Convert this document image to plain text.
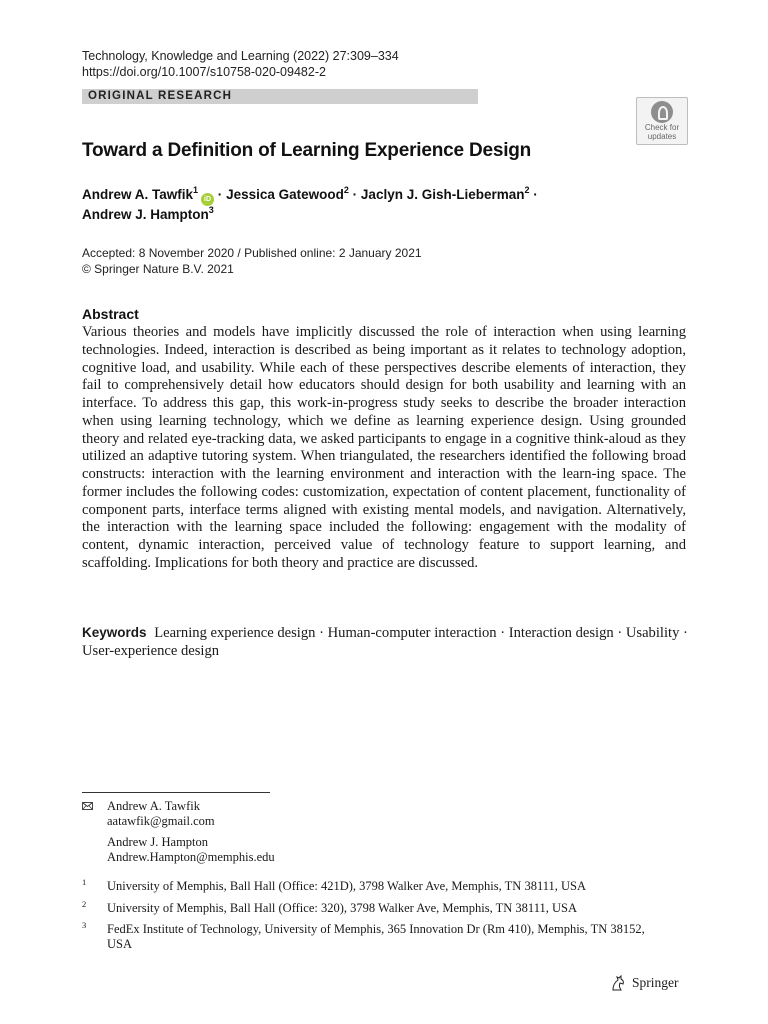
Technology, Knowledge and Learning (2022) 27:309–334
https://doi.org/10.1007/s10758-020-09482-2
ORIGINAL RESEARCH
Check for
updates
Toward a Definition of Learning Experience Design
Andrew A. Tawfik$^1$iD · Jessica Gatewood$^2$ · Jaclyn J. Gish-Lieberman$^2$ ·
Andrew J. Hampton$^3$
Accepted: 8 November 2020 / Published online: 2 January 2021
© Springer Nature B.V. 2021
Abstract
Various theories and models have implicitly discussed the role of interaction when using learning technologies. Indeed, interaction is described as being important as it relates to technology adoption, cognitive load, and usability. While each of these perspectives describe elements of interaction, they fail to comprehensively detail how educators should design for both usability and learning with an interface. To address this gap, this work-in-progress study seeks to describe the broader interaction when using learning technology, which we define as learning experience design. Using grounded theory and related eye-tracking data, we asked participants to engage in a cognitive think-aloud as they utilized an adaptive tutoring system. When triangulated, the researchers identified the following broad constructs: interaction with the learning environment and interaction with the learn-ing space. The former includes the following codes: customization, expectation of content placement, functionality of component parts, interface terms aligned with existing mental models, and navigation. Alternatively, the interaction with the learning space included the following: engagement with the modality of content, dynamic interaction, perceived value of technology feature to support learning, and scaffolding. Implications for both theory and practice are discussed.
Keywords Learning experience design · Human-computer interaction · Interaction design · Usability · User-experience design
Andrew A. Tawfik
aatawfik@gmail.com
Andrew J. Hampton
Andrew.Hampton@memphis.edu
1 University of Memphis, Ball Hall (Office: 421D), 3798 Walker Ave, Memphis, TN 38111, USA
2 University of Memphis, Ball Hall (Office: 320), 3798 Walker Ave, Memphis, TN 38111, USA
3 FedEx Institute of Technology, University of Memphis, 365 Innovation Dr (Rm 410), Memphis, TN 38152, USA
Springer
